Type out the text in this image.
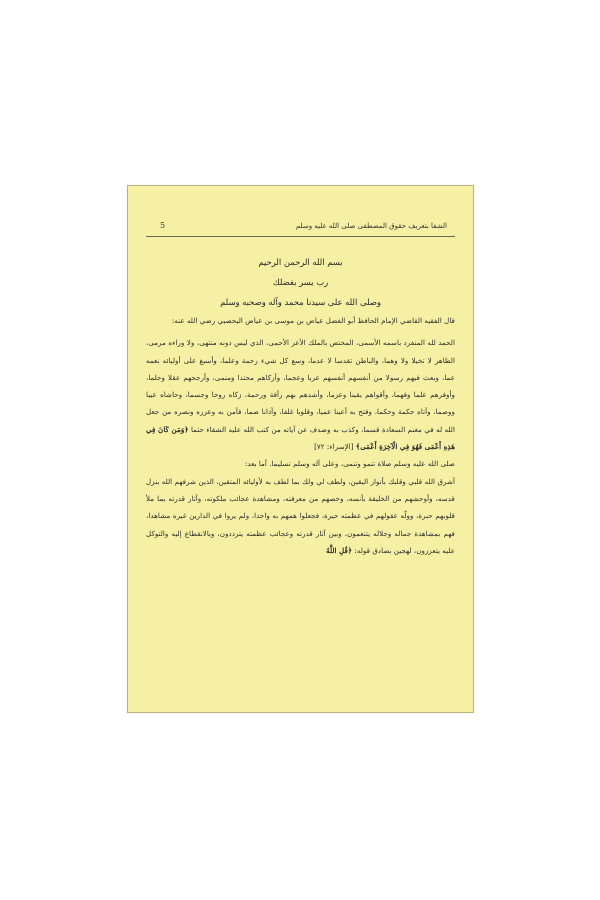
الشفا بتعريف حقوق المصطفى صلى الله عليه وسلم
5
بسم الله الرحمن الرحيم
رب يسر بفضلك
وصلى الله على سيدنا محمد وآله وصحبه وسلم

قال الفقيه القاضي الإمام الحافظ أبو الفضل عياض بن موسى بن عياض اليحصبي رضي الله عنه:

الحمد لله المنفرد باسمه الأسمى، المختص بالملك الأعز الأحمى، الذي ليس دونه منتهى، ولا وراءه مرمى، الظاهر لا تخيلا ولا وهما، والباطن تقدسا لا عدما، وسع كل شيء رحمة وعلما، وأسبغ على أوليائه نعمه عما، وبعث فيهم رسولا من أنفسهم أنفسهم عربا وعجما، وأزكاهم محتدا ومنمى، وأرجحهم عقلا وحلما، وأوفرهم علما وفهما، وأقواهم يقينا وعزما، وأشدهم بهم رأفة ورحمة، زكاه روحا وجسما، وحاشاه عيبا ووصما، وآتاه حكمة وحكما، وفتح به أعينا عميا، وقلوبا غلفا، وآذانا صما، فآمن به وعزره ونصره من جعل الله له في مغنم السعادة قسما، وكذب به وصدف عن آياته من كتب الله عليه الشقاء حتما ﴿وَمَن كَانَ فِي هَذِهِ أَعْمَى فَهُوَ فِي الْآخِرَةِ أَعْمَى﴾ [الإسراء: ٧٢]

صلى الله عليه وسلم صلاة تنمو وتنمى، وعلى آله وسلم تسليما. أما بعد:

أشرق الله قلبي وقلبك بأنوار اليقين، ولطف لي ولك بما لطف به لأوليائه المتقين، الذين شرفهم الله بنزل قدسه، وأوحشهم من الخليقة بأنسه، وخصهم من معرفته، ومشاهدة عجائب ملكوته، وآثار قدرته بما ملأ قلوبهم حبرة، وولّه عقولهم في عظمته حيرة، فجعلوا همهم به واحدا، ولم يروا في الدارين غيره مشاهدا، فهم بمشاهدة جماله وجلاله يتنعمون، وبين آثار قدرته وعجائب عظمته يترددون، وبالانقطاع إليه والتوكل عليه يتعززون، لهجين بصادق قوله: ﴿قُلِ اللَّهُ
